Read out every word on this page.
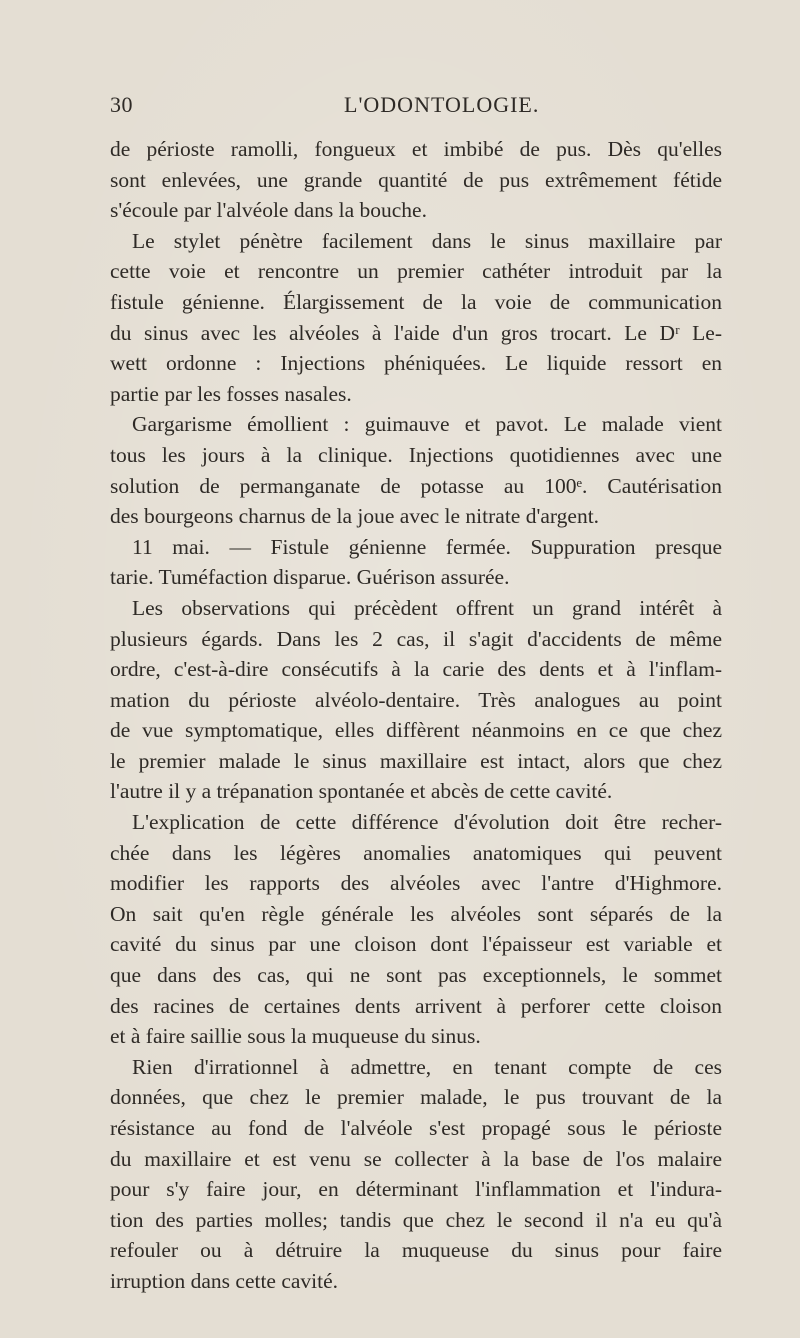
30	L'ODONTOLOGIE.
de périoste ramolli, fongueux et imbibé de pus. Dès qu'elles
sont enlevées, une grande quantité de pus extrêmement fétide
s'écoule par l'alvéole dans la bouche.
Le stylet pénètre facilement dans le sinus maxillaire par
cette voie et rencontre un premier cathéter introduit par la
fistule génienne. Élargissement de la voie de communication
du sinus avec les alvéoles à l'aide d'un gros trocart. Le Dʳ Le-
wett ordonne : Injections phéniquées. Le liquide ressort en
partie par les fosses nasales.
Gargarisme émollient : guimauve et pavot. Le malade vient
tous les jours à la clinique. Injections quotidiennes avec une
solution de permanganate de potasse au 100ᵉ. Cautérisation
des bourgeons charnus de la joue avec le nitrate d'argent.
11 mai. — Fistule génienne fermée. Suppuration presque
tarie. Tuméfaction disparue. Guérison assurée.
Les observations qui précèdent offrent un grand intérêt à
plusieurs égards. Dans les 2 cas, il s'agit d'accidents de même
ordre, c'est-à-dire consécutifs à la carie des dents et à l'inflam-
mation du périoste alvéolo-dentaire. Très analogues au point
de vue symptomatique, elles diffèrent néanmoins en ce que chez
le premier malade le sinus maxillaire est intact, alors que chez
l'autre il y a trépanation spontanée et abcès de cette cavité.
L'explication de cette différence d'évolution doit être recher-
chée dans les légères anomalies anatomiques qui peuvent
modifier les rapports des alvéoles avec l'antre d'Highmore.
On sait qu'en règle générale les alvéoles sont séparés de la
cavité du sinus par une cloison dont l'épaisseur est variable et
que dans des cas, qui ne sont pas exceptionnels, le sommet
des racines de certaines dents arrivent à perforer cette cloison
et à faire saillie sous la muqueuse du sinus.
Rien d'irrationnel à admettre, en tenant compte de ces
données, que chez le premier malade, le pus trouvant de la
résistance au fond de l'alvéole s'est propagé sous le périoste
du maxillaire et est venu se collecter à la base de l'os malaire
pour s'y faire jour, en déterminant l'inflammation et l'indura-
tion des parties molles; tandis que chez le second il n'a eu qu'à
refouler ou à détruire la muqueuse du sinus pour faire
irruption dans cette cavité.
